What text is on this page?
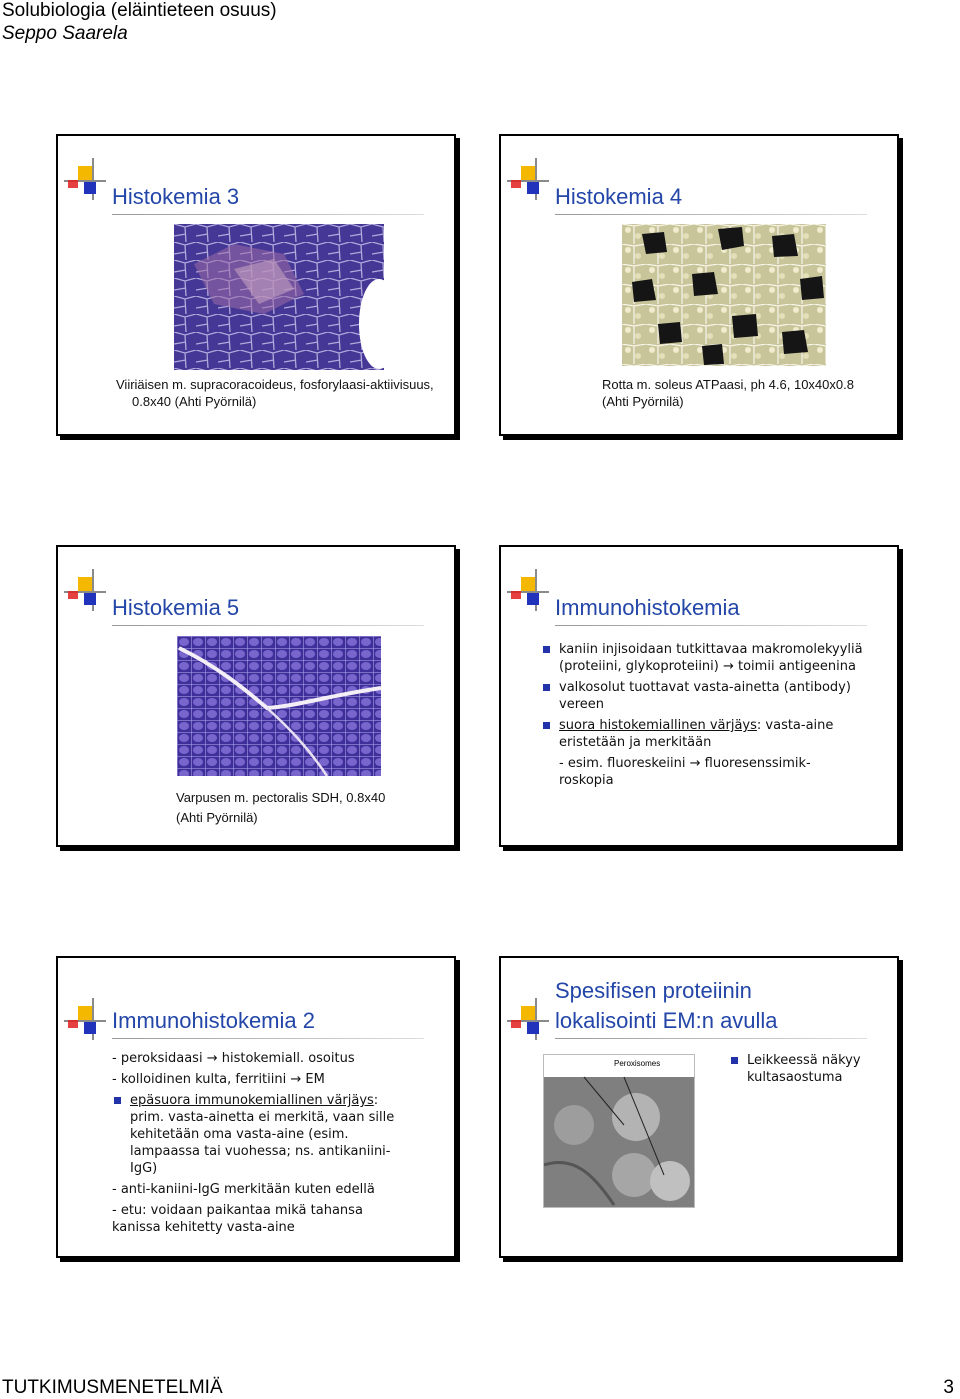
Solubiologia (eläintieteen osuus)
Seppo Saarela
Histokemia 3
Viiriäisen m. supracoracoideus, fosforylaasi-aktiivisuus,
0.8x40 (Ahti Pyörnilä)
Histokemia 4
Rotta m. soleus ATPaasi, ph 4.6, 10x40x0.8
(Ahti Pyörnilä)
Histokemia 5
Varpusen m. pectoralis SDH, 0.8x40
(Ahti Pyörnilä)
Immunohistokemia
kaniin injisoidaan tutkittavaa makromolekyyliä (proteiini, glykoproteiini) → toimii antigeenina
valkosolut tuottavat vasta-ainetta (antibody) vereen
suora histokemiallinen värjäys: vasta-aine eristetään ja merkitään
- esim. fluoreskeiini → fluoresenssimik-roskopia
Immunohistokemia 2
- peroksidaasi → histokemiall. osoitus
- kolloidinen kulta, ferritiini → EM
epäsuora immunokemiallinen värjäys: prim. vasta-ainetta ei merkitä, vaan sille kehitetään oma vasta-aine (esim. lampaassa tai vuohessa; ns. antikaniini-IgG)
- anti-kaniini-IgG merkitään kuten edellä
- etu: voidaan paikantaa mikä tahansa kanissa kehitetty vasta-aine
Spesifisen proteiinin
lokalisointi EM:n avulla
Peroxisomes	Leikkeessä näkyy kultasaostuma
TUTKIMUSMENETELMIÄ	3
